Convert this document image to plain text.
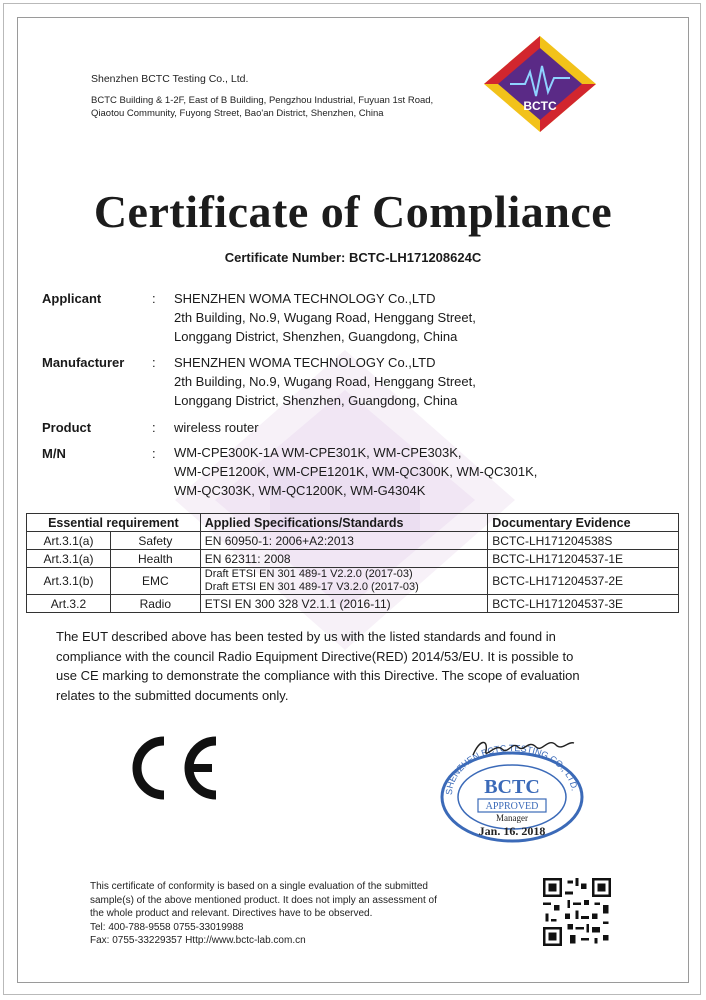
Shenzhen BCTC Testing Co., Ltd.
BCTC Building & 1-2F, East of B Building, Pengzhou Industrial, Fuyuan 1st Road,
Qiaotou Community, Fuyong Street, Bao'an District, Shenzhen, China
BCTC
Certificate of Compliance
Certificate Number: BCTC-LH171208624C
Applicant	: SHENZHEN WOMA TECHNOLOGY Co.,LTD
2th Building, No.9, Wugang Road, Henggang Street,
Longgang District, Shenzhen, Guangdong, China
Manufacturer : SHENZHEN WOMA TECHNOLOGY Co.,LTD
2th Building, No.9, Wugang Road, Henggang Street,
Longgang District, Shenzhen, Guangdong, China
Product	: wireless router
M/N	: WM-CPE300K-1A WM-CPE301K, WM-CPE303K,
WM-CPE1200K, WM-CPE1201K, WM-QC300K, WM-QC301K,
WM-QC303K, WM-QC1200K, WM-G4304K
Essential requirement		Applied Specifications/Standards	Documentary Evidence
Art.3.1(a)	Safety	EN 60950-1: 2006+A2:2013	BCTC-LH171204538S
Art.3.1(a)	Health	EN 62311: 2008	BCTC-LH171204537-1E
Art.3.1(b)	EMC	Draft ETSI EN 301 489-1 V2.2.0 (2017-03)
Draft ETSI EN 301 489-17 V3.2.0 (2017-03)	BCTC-LH171204537-2E
Art.3.2	Radio	ETSI EN 300 328 V2.1.1 (2016-11)	BCTC-LH171204537-3E
The EUT described above has been tested by us with the listed standards and found in
compliance with the council Radio Equipment Directive(RED) 2014/53/EU. It is possible to
use CE marking to demonstrate the compliance with this Directive. The scope of evaluation
relates to the submitted documents only.
SHENZHEN BCTC TESTING CO., LTD.
BCTC
APPROVED
Manager
Jan. 16. 2018
This certificate of conformity is based on a single evaluation of the submitted
sample(s) of the above mentioned product. It does not imply an assessment of
the whole product and relevant. Directives have to be observed.
Tel: 400-788-9558 0755-33019988
Fax: 0755-33229357 Http://www.bctc-lab.com.cn
